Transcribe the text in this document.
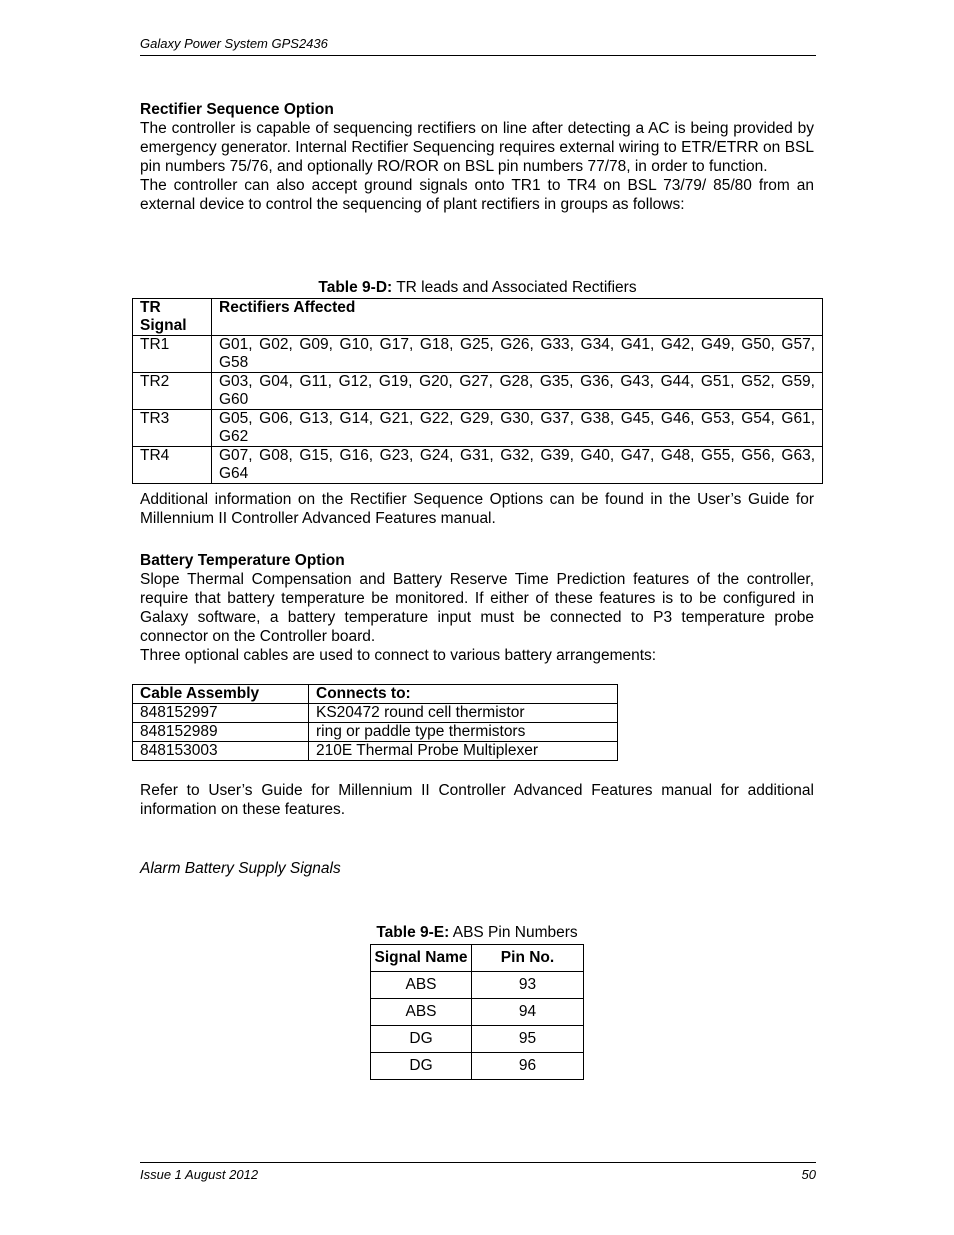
Galaxy Power System GPS2436
Rectifier Sequence Option

The controller is capable of sequencing rectifiers on line after detecting a AC is being provided by emergency generator. Internal Rectifier Sequencing requires external wiring to ETR/ETRR on BSL pin numbers 75/76, and optionally RO/ROR on BSL pin numbers 77/78, in order to function.

The controller can also accept ground signals onto TR1 to TR4 on BSL 73/79/ 85/80 from an external device to control the sequencing of plant rectifiers in groups as follows:

Table 9-D: TR leads and Associated Rectifiers
TR Signal	Rectifiers Affected
TR1	G01, G02, G09, G10, G17, G18, G25, G26, G33, G34, G41, G42, G49, G50, G57, G58
TR2	G03, G04, G11, G12, G19, G20, G27, G28, G35, G36, G43, G44, G51, G52, G59, G60
TR3	G05, G06, G13, G14, G21, G22, G29, G30, G37, G38, G45, G46, G53, G54, G61, G62
TR4	G07, G08, G15, G16, G23, G24, G31, G32, G39, G40, G47, G48, G55, G56, G63, G64
Additional information on the Rectifier Sequence Options can be found in the User’s Guide for Millennium II Controller Advanced Features manual.
Battery Temperature Option

Slope Thermal Compensation and Battery Reserve Time Prediction features of the controller, require that battery temperature be monitored. If either of these features is to be configured in Galaxy software, a battery temperature input must be connected to P3 temperature probe connector on the Controller board.

Three optional cables are used to connect to various battery arrangements:

Cable Assembly	Connects to:
848152997	KS20472 round cell thermistor
848152989	ring or paddle type thermistors
848153003	210E Thermal Probe Multiplexer
Refer to User’s Guide for Millennium II Controller Advanced Features manual for additional information on these features.
Alarm Battery Supply Signals
Table 9-E: ABS Pin Numbers
Signal Name	Pin No.
ABS	93
ABS	94
DG	95
DG	96
Issue 1 August 2012	50
